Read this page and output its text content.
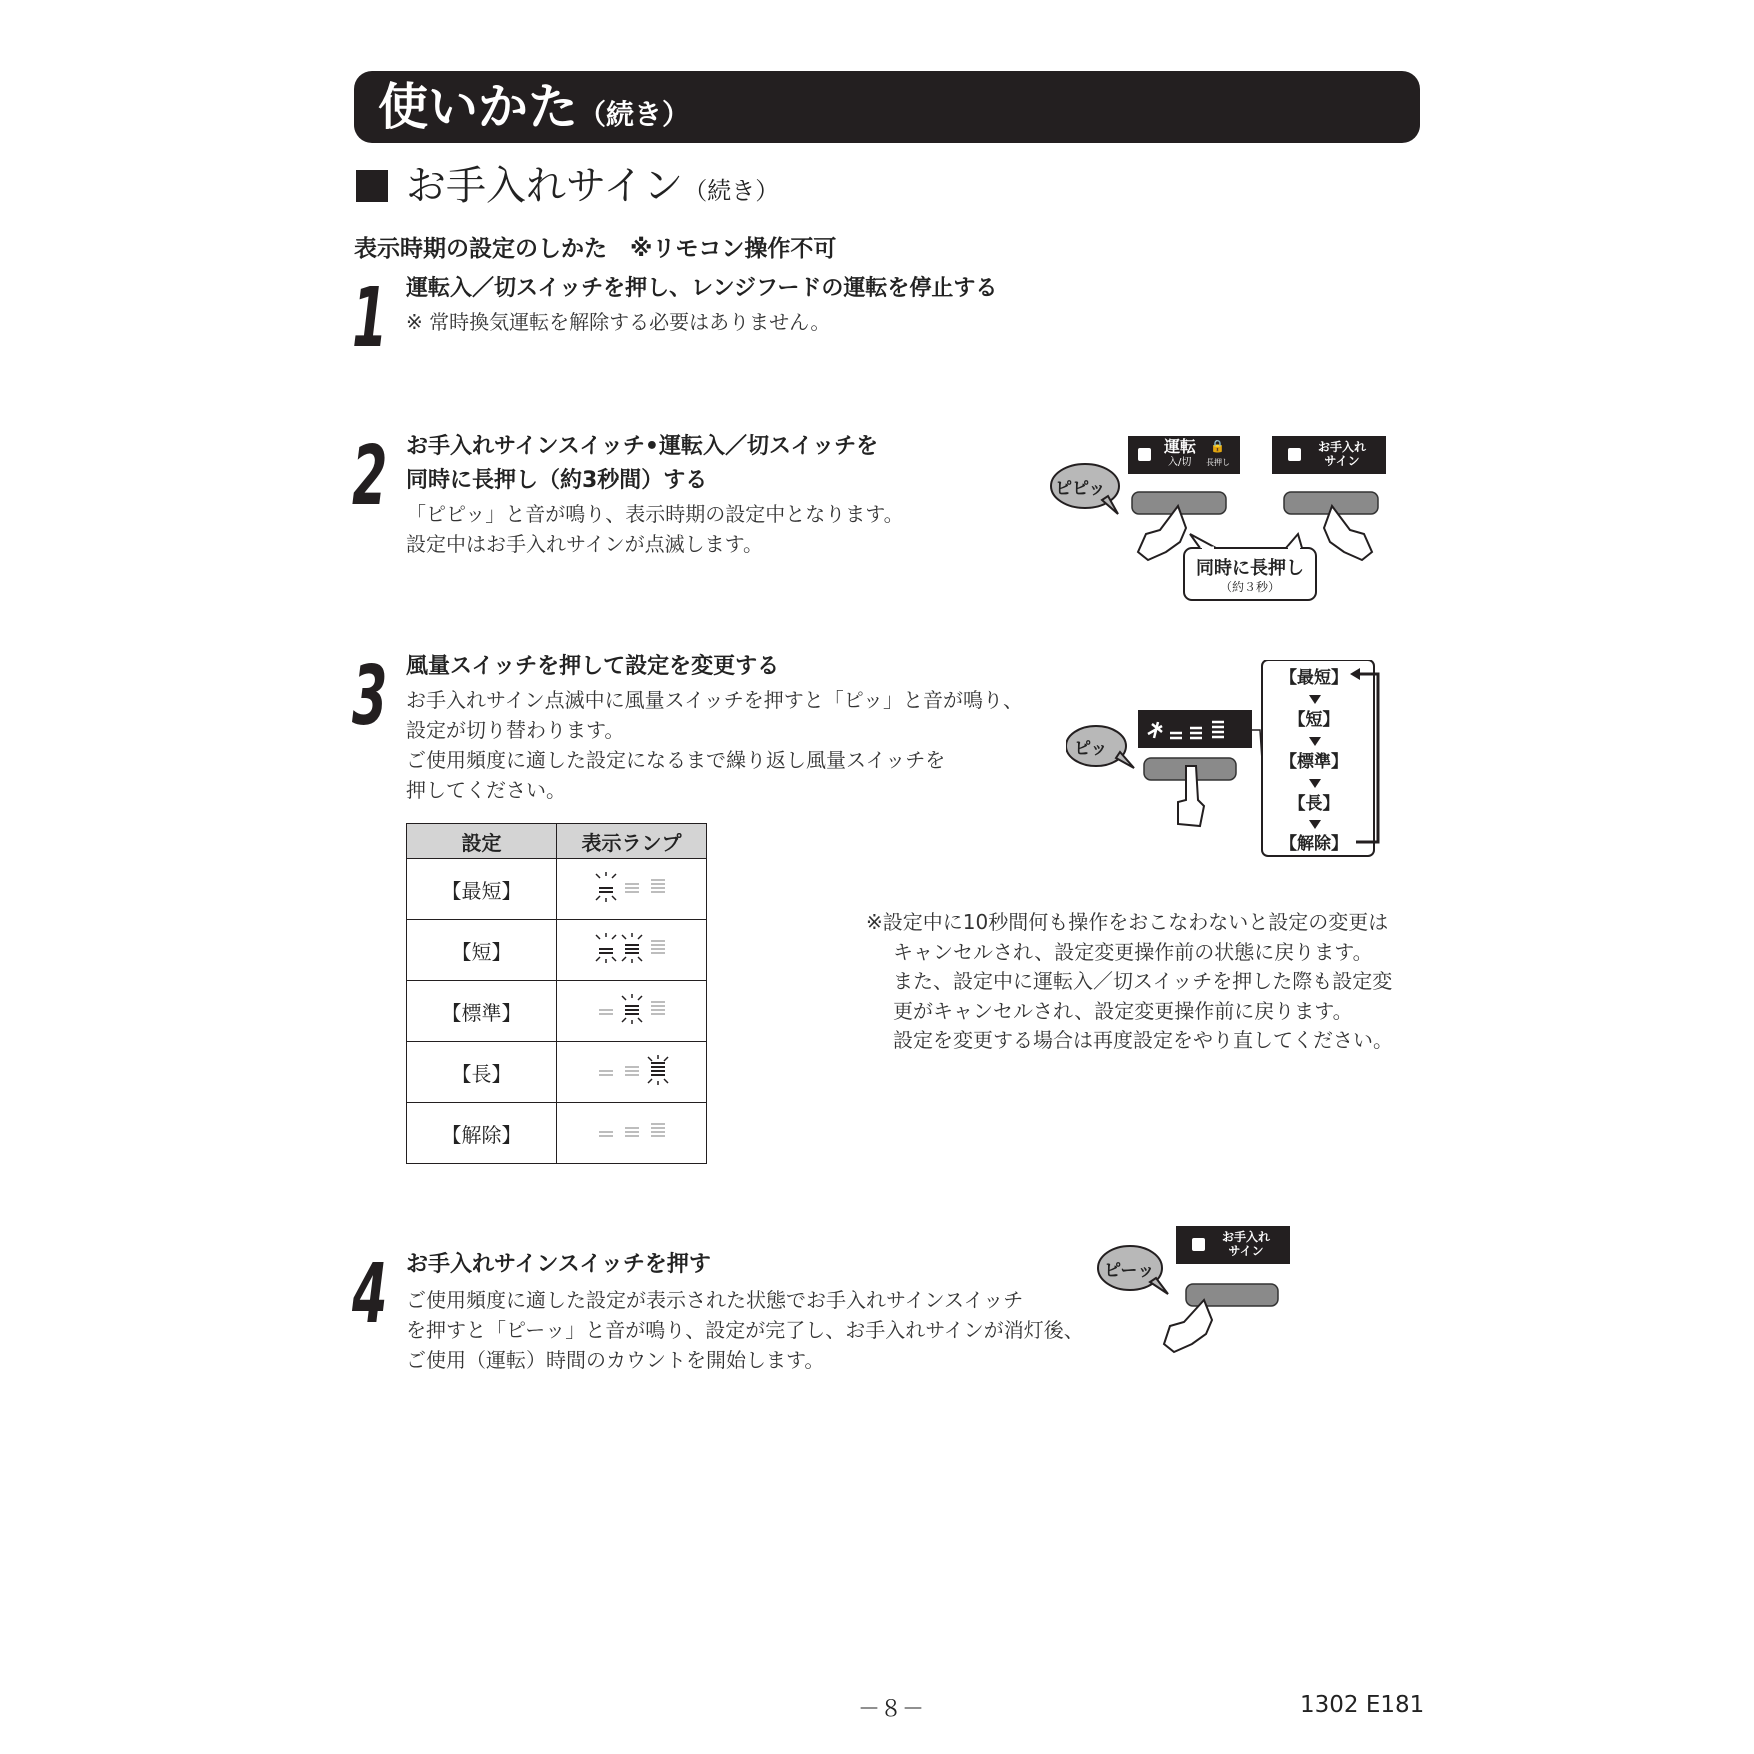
使いかた（続き）
お手入れサイン（続き）
表示時期の設定のしかた　※リモコン操作不可
1 運転入／切スイッチを押し、レンジフードの運転を停止する
※ 常時換気運転を解除する必要はありません。
2 お手入れサインスイッチ•運転入／切スイッチを
同時に長押し（約3秒間）する
「ピピッ」と音が鳴り、表示時期の設定中となります。
設定中はお手入れサインが点滅します。
運転
入/切
🔒
長押し
お手入れ
サイン
ピピッ
同時に長押し
（約３秒）
3 風量スイッチを押して設定を変更する
お手入れサイン点滅中に風量スイッチを押すと「ピッ」と音が鳴り、
設定が切り替わります。
ご使用頻度に適した設定になるまで繰り返し風量スイッチを
押してください。
ピッ
【最短】
【短】
【標準】
【長】
【解除】
設定	表示ランプ
【最短】	
【短】	
【標準】	
【長】	
【解除】	
※設定中に10秒間何も操作をおこなわないと設定の変更は
キャンセルされ、設定変更操作前の状態に戻ります。
また、設定中に運転入／切スイッチを押した際も設定変
更がキャンセルされ、設定変更操作前に戻ります。
設定を変更する場合は再度設定をやり直してください。
4 お手入れサインスイッチを押す
ご使用頻度に適した設定が表示された状態でお手入れサインスイッチ
を押すと「ピーッ」と音が鳴り、設定が完了し、お手入れサインが消灯後、
ご使用（運転）時間のカウントを開始します。
お手入れ
サイン
ピーッ
－８－	1302 E181
